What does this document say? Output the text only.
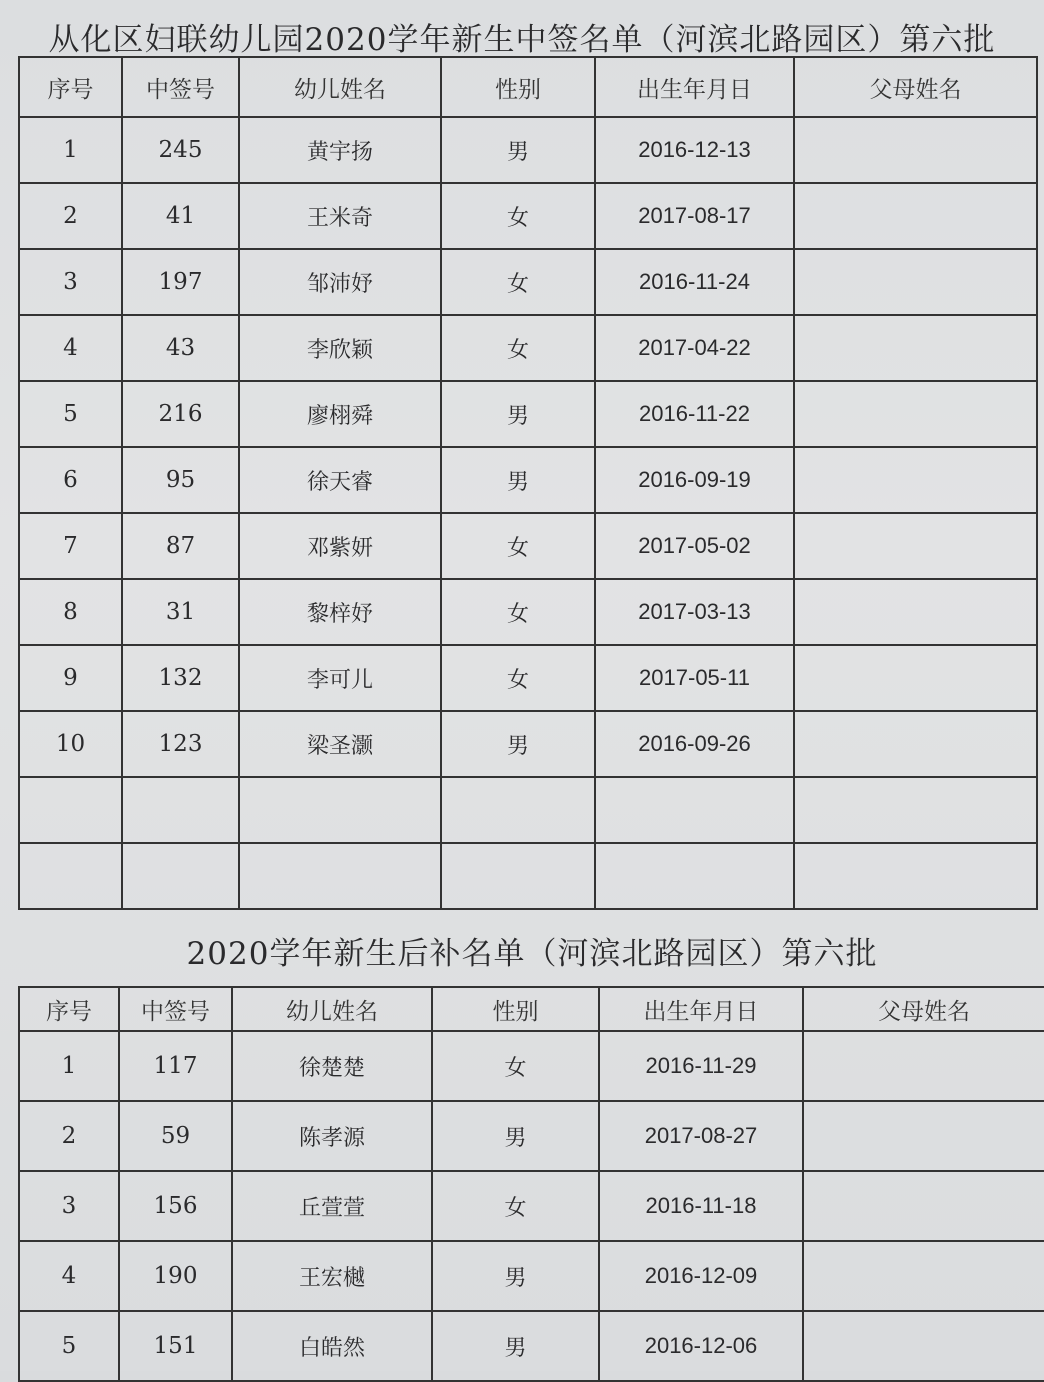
从化区妇联幼儿园2020学年新生中签名单（河滨北路园区）第六批
序号	中签号	幼儿姓名	性别	出生年月日	父母姓名
1	245	黄宇扬	男	2016-12-13	
2	41	王米奇	女	2017-08-17	
3	197	邹沛妤	女	2016-11-24	
4	43	李欣颖	女	2017-04-22	
5	216	廖栩舜	男	2016-11-22	
6	95	徐天睿	男	2016-09-19	
7	87	邓紫妍	女	2017-05-02	
8	31	黎梓妤	女	2017-03-13	
9	132	李可儿	女	2017-05-11	
10	123	梁圣灏	男	2016-09-26	

2020学年新生后补名单（河滨北路园区）第六批
序号	中签号	幼儿姓名	性别	出生年月日	父母姓名
1	117	徐楚楚	女	2016-11-29	
2	59	陈孝源	男	2017-08-27	
3	156	丘萱萱	女	2016-11-18	
4	190	王宏樾	男	2016-12-09	
5	151	白皓然	男	2016-12-06	
